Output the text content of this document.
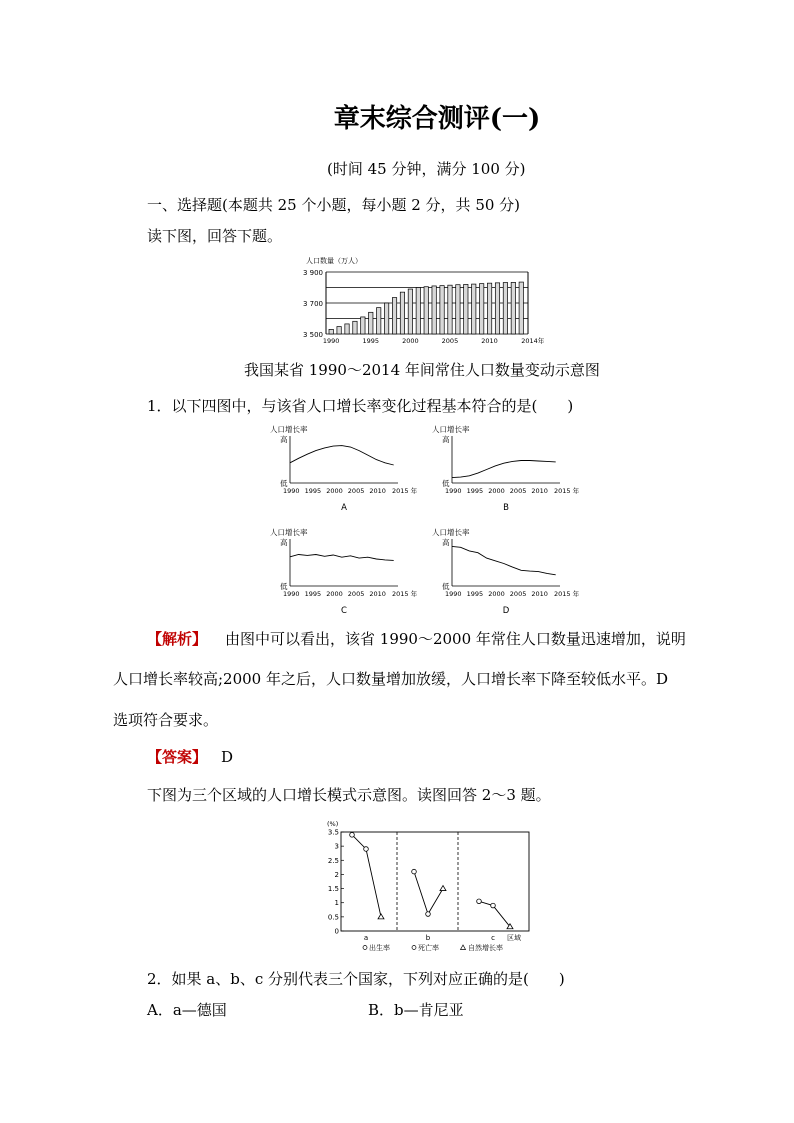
章末综合测评(一)
(时间 45 分钟，满分 100 分)
一、选择题(本题共 25 个小题，每小题 2 分，共 50 分)
读下图，回答下题。
人口数量（万人）
3 900
3 700
3 500
1990	1995	2000	2005	2010	2014年
我国某省 1990～2014 年间常住人口数量变动示意图
1．以下四图中，与该省人口增长率变化过程基本符合的是(　　)
人口增长率
高
低
1990 1995 2000 2005 2010 2015 年
A
人口增长率
高
低
1990 1995 2000 2005 2010 2015 年
B
人口增长率
高
低
1990 1995 2000 2005 2010 2015 年
C
人口增长率
高
低
1990 1995 2000 2005 2010 2015 年
D
【解析】 由图中可以看出，该省 1990～2000 年常住人口数量迅速增加，说明
人口增长率较高;2000 年之后，人口数量增加放缓，人口增长率下降至较低水平。D
选项符合要求。
【答案】 D
下图为三个区域的人口增长模式示意图。读图回答 2～3 题。
(%)
3.5
3
2.5
2
1.5
1
0.5
0
a	b	c 区域
出生率	死亡率	自然增长率
2．如果 a、b、c 分别代表三个国家，下列对应正确的是(　　)
A．a—德国	B．b—肯尼亚
